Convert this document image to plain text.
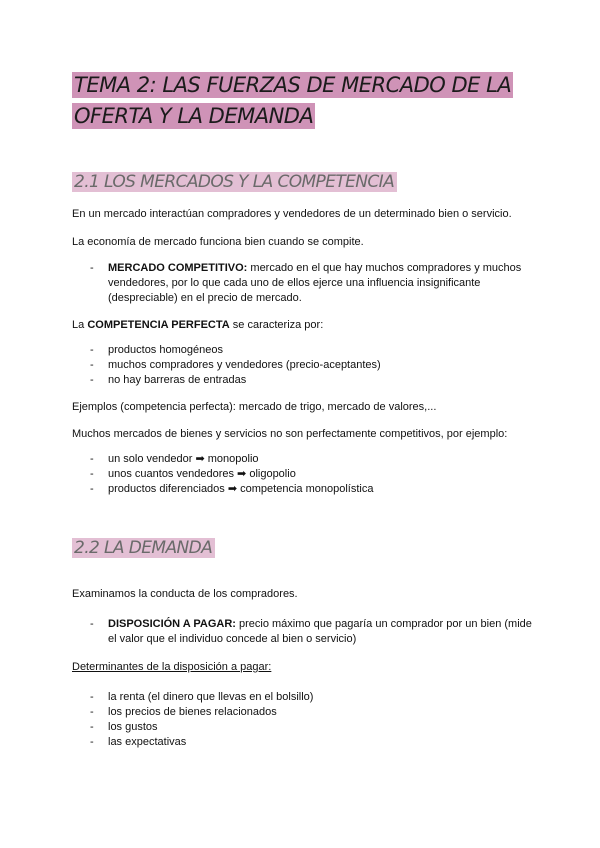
TEMA 2: LAS FUERZAS DE MERCADO DE LA OFERTA Y LA DEMANDA
2.1 LOS MERCADOS Y LA COMPETENCIA

En un mercado interactúan compradores y vendedores de un determinado bien o servicio.

La economía de mercado funciona bien cuando se compite.

-	MERCADO COMPETITIVO: mercado en el que hay muchos compradores y muchos vendedores, por lo que cada uno de ellos ejerce una influencia insignificante (despreciable) en el precio de mercado.

La COMPETENCIA PERFECTA se caracteriza por:

-	productos homogéneos
-	muchos compradores y vendedores (precio-aceptantes)
-	no hay barreras de entradas

Ejemplos (competencia perfecta): mercado de trigo, mercado de valores,...

Muchos mercados de bienes y servicios no son perfectamente competitivos, por ejemplo:

-	un solo vendedor ➡ monopolio
-	unos cuantos vendedores ➡ oligopolio
-	productos diferenciados ➡ competencia monopolística
2.2 LA DEMANDA

Examinamos la conducta de los compradores.

-	DISPOSICIÓN A PAGAR: precio máximo que pagaría un comprador por un bien (mide el valor que el individuo concede al bien o servicio)

Determinantes de la disposición a pagar:

-	la renta (el dinero que llevas en el bolsillo)
-	los precios de bienes relacionados
-	los gustos
-	las expectativas
